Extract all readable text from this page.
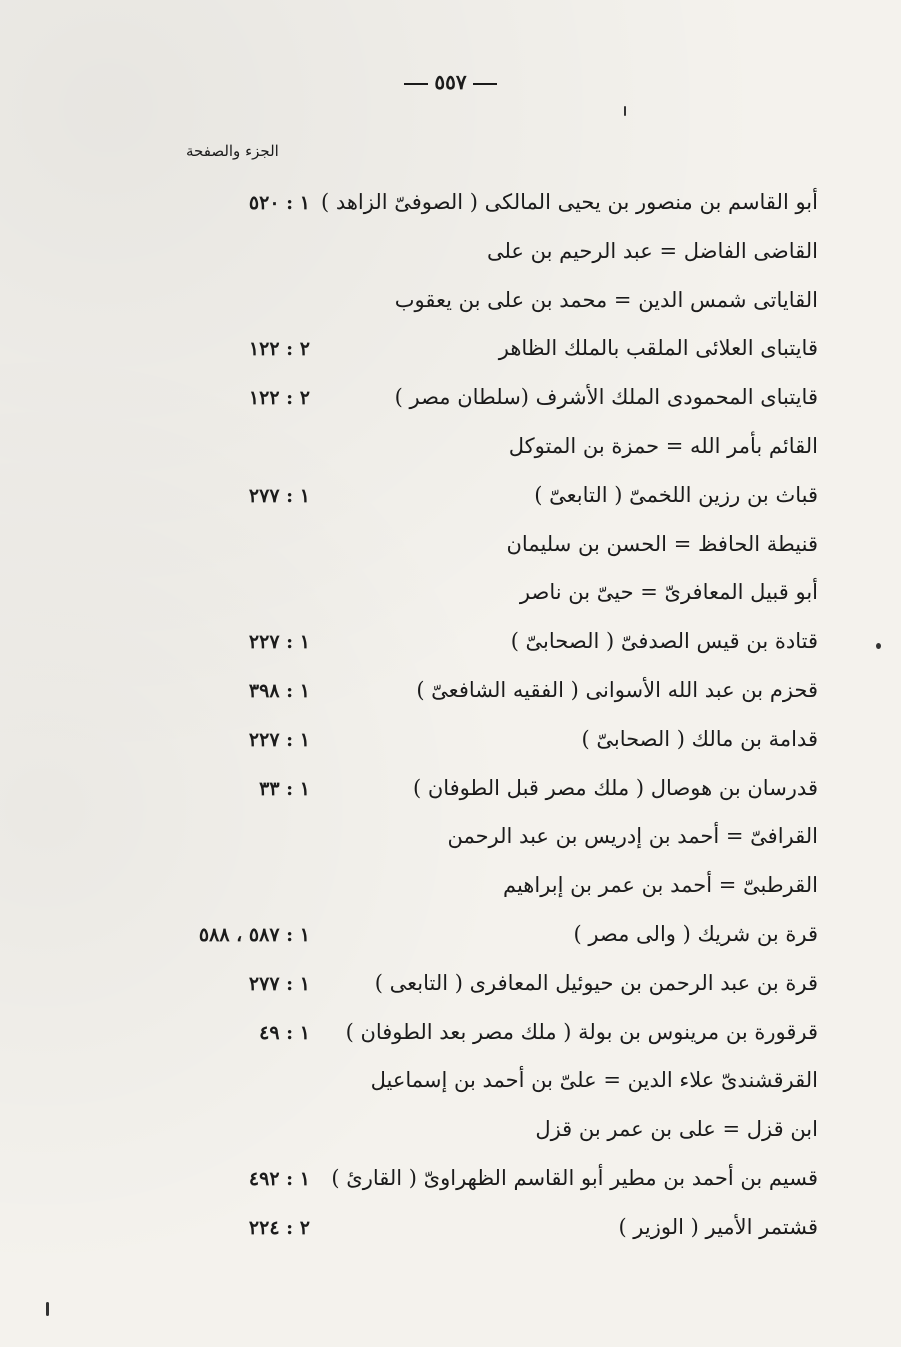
٥٥٧
الجزء والصفحة
أبو القاسم بن منصور بن يحيى المالكى ( الصوفىّ الزاهد )
١ : ٥٢٠
القاضى الفاضل = عبد الرحيم بن على
القاياتى شمس الدين = محمد بن على بن يعقوب
قايتباى العلائى الملقب بالملك الظاهر
٢ : ١٢٢
قايتباى المحمودى الملك الأشرف (سلطان مصر )
٢ : ١٢٢
القائم بأمر الله = حمزة بن المتوكل
قباث بن رزين اللخمىّ ( التابعىّ )
١ : ٢٧٧
قنيطة الحافظ = الحسن بن سليمان
أبو قبيل المعافرىّ = حيىّ بن ناصر
قتادة بن قيس الصدفىّ ( الصحابىّ )
١ : ٢٢٧
قحزم بن عبد الله الأسوانى ( الفقيه الشافعىّ )
١ : ٣٩٨
قدامة بن مالك ( الصحابىّ )
١ : ٢٢٧
قدرسان بن هوصال ( ملك مصر قبل الطوفان )
١ : ٣٣
القرافىّ = أحمد بن إدريس بن عبد الرحمن
القرطبىّ = أحمد بن عمر بن إبراهيم
قرة بن شريك ( والى مصر )
١ : ٥٨٧ ، ٥٨٨
قرة بن عبد الرحمن بن حيوئيل المعافرى ( التابعى )
١ : ٢٧٧
قرقورة بن مرينوس بن بولة ( ملك مصر بعد الطوفان )
١ : ٤٩
القرقشندىّ علاء الدين = علىّ بن أحمد بن إسماعيل
ابن قزل = على بن عمر بن قزل
قسيم بن أحمد بن مطير أبو القاسم الظهراوىّ ( القارئ )
١ : ٤٩٢
قشتمر الأمير ( الوزير )
٢ : ٢٢٤
